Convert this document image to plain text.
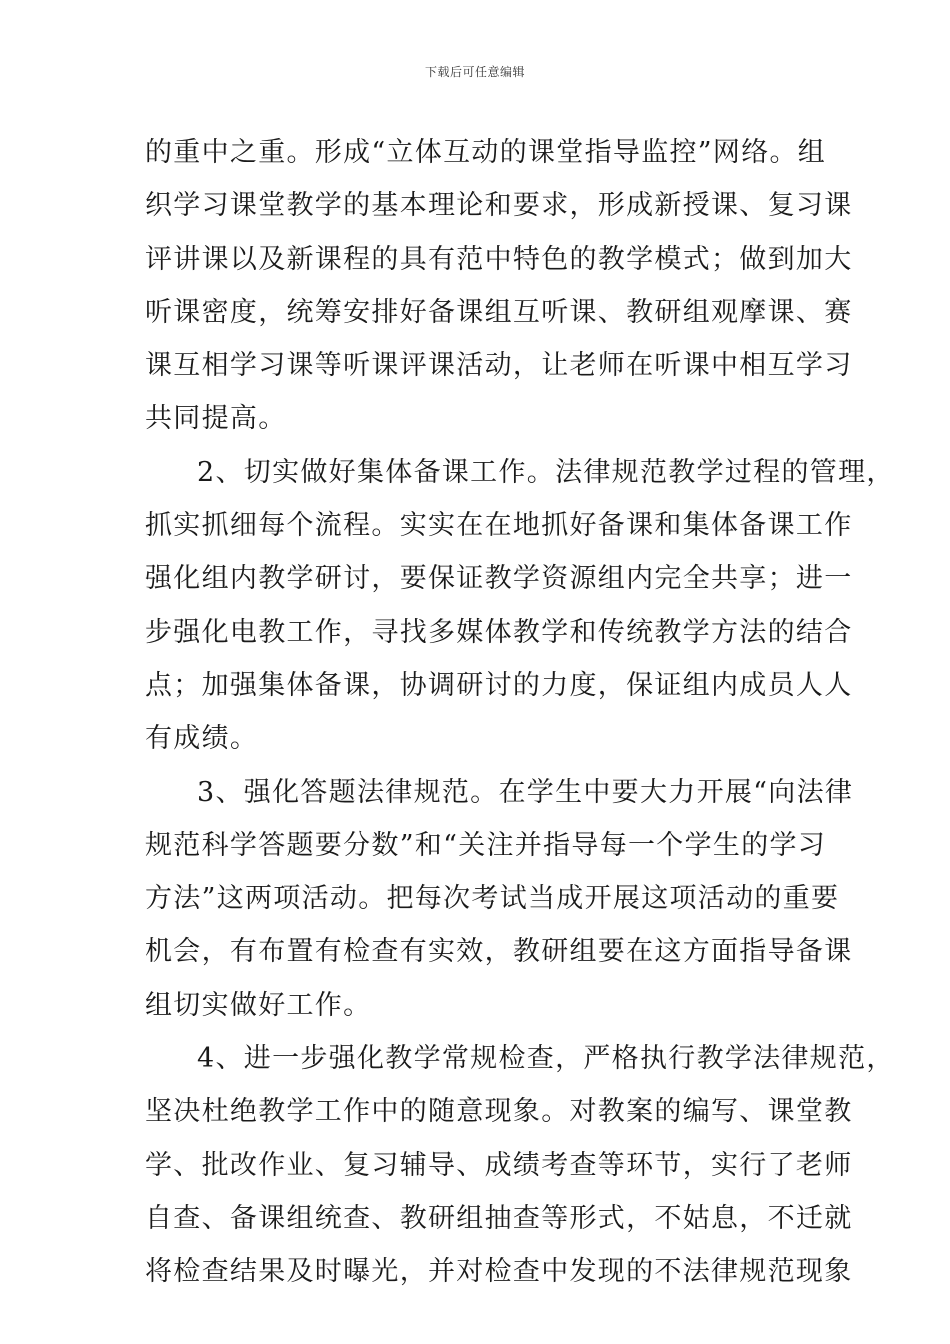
下载后可任意编辑
的重中之重。形成“立体互动的课堂指导监控”网络。组
织学习课堂教学的基本理论和要求，形成新授课、复习课
评讲课以及新课程的具有范中特色的教学模式；做到加大
听课密度，统筹安排好备课组互听课、教研组观摩课、赛
课互相学习课等听课评课活动，让老师在听课中相互学习
共同提高。
2、切实做好集体备课工作。法律规范教学过程的管理，
抓实抓细每个流程。实实在在地抓好备课和集体备课工作
强化组内教学研讨，要保证教学资源组内完全共享；进一
步强化电教工作，寻找多媒体教学和传统教学方法的结合
点；加强集体备课，协调研讨的力度，保证组内成员人人
有成绩。
3、强化答题法律规范。在学生中要大力开展“向法律
规范科学答题要分数”和“关注并指导每一个学生的学习
方法”这两项活动。把每次考试当成开展这项活动的重要
机会，有布置有检查有实效，教研组要在这方面指导备课
组切实做好工作。
4、进一步强化教学常规检查，严格执行教学法律规范，
坚决杜绝教学工作中的随意现象。对教案的编写、课堂教
学、批改作业、复习辅导、成绩考查等环节，实行了老师
自查、备课组统查、教研组抽查等形式，不姑息，不迁就
将检查结果及时曝光，并对检查中发现的不法律规范现象
